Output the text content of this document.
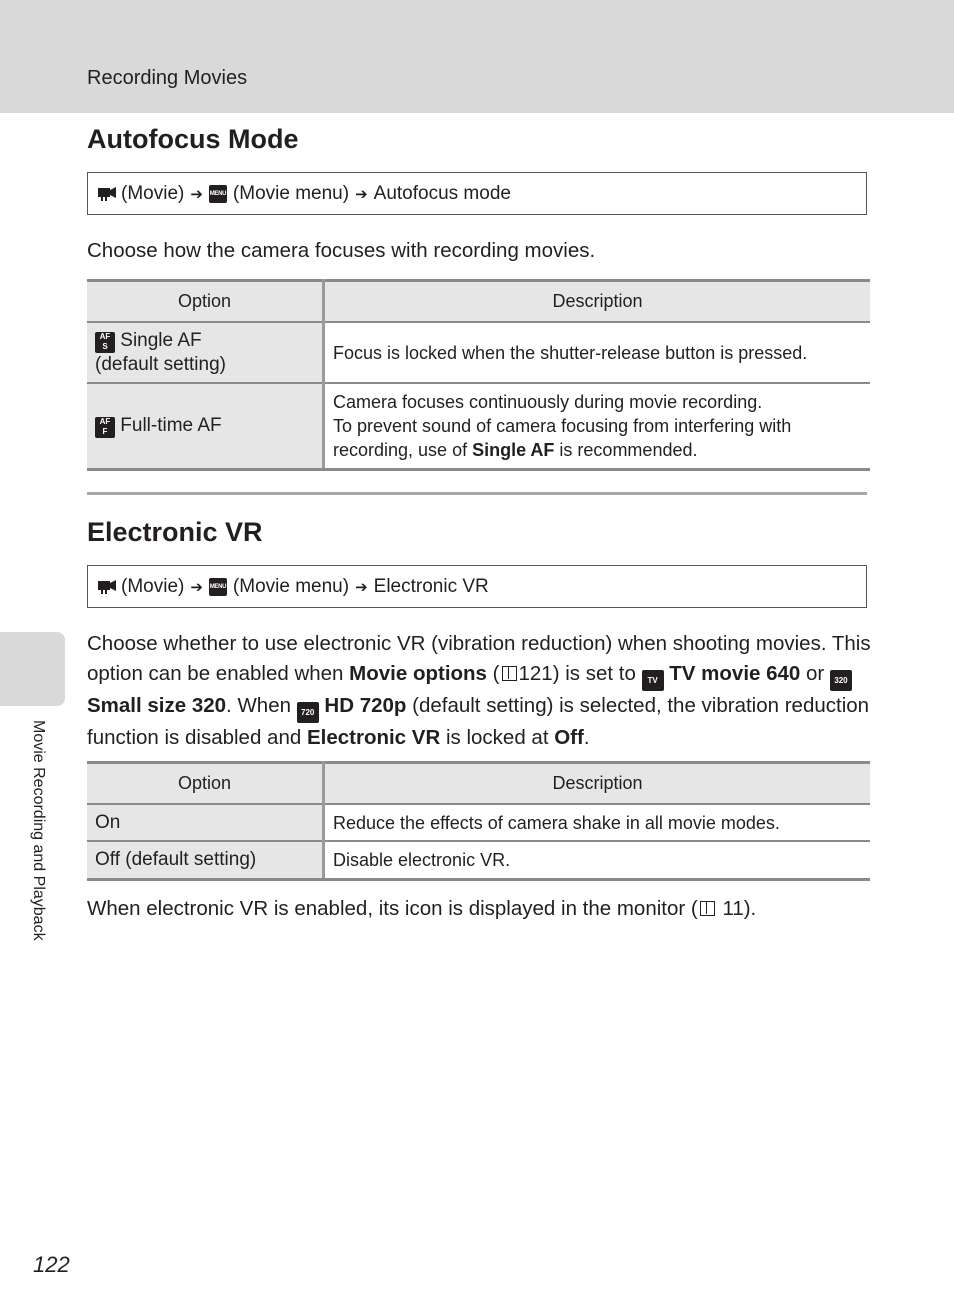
Recording Movies
Autofocus Mode
(Movie) ➔ MENU (Movie menu) ➔ Autofocus mode
Choose how the camera focuses with recording movies.
Option	Description

AF
S Single AF
(default setting)	Focus is locked when the shutter-release button is pressed.

AF
F Full-time AF	Camera focuses continuously during movie recording.
To prevent sound of camera focusing from interfering with
recording, use of Single AF is recommended.
Electronic VR
(Movie) ➔ MENU (Movie menu) ➔ Electronic VR
Choose whether to use electronic VR (vibration reduction) when shooting movies. This option can be enabled when Movie options ( 121) is set to TV TV movie 640 or 320 Small size 320. When 720 HD 720p (default setting) is selected, the vibration reduction function is disabled and Electronic VR is locked at Off.
Option	Description
On	Reduce the effects of camera shake in all movie modes.
Off (default setting)	Disable electronic VR.
When electronic VR is enabled, its icon is displayed in the monitor ( 11).
Movie Recording and Playback
122
